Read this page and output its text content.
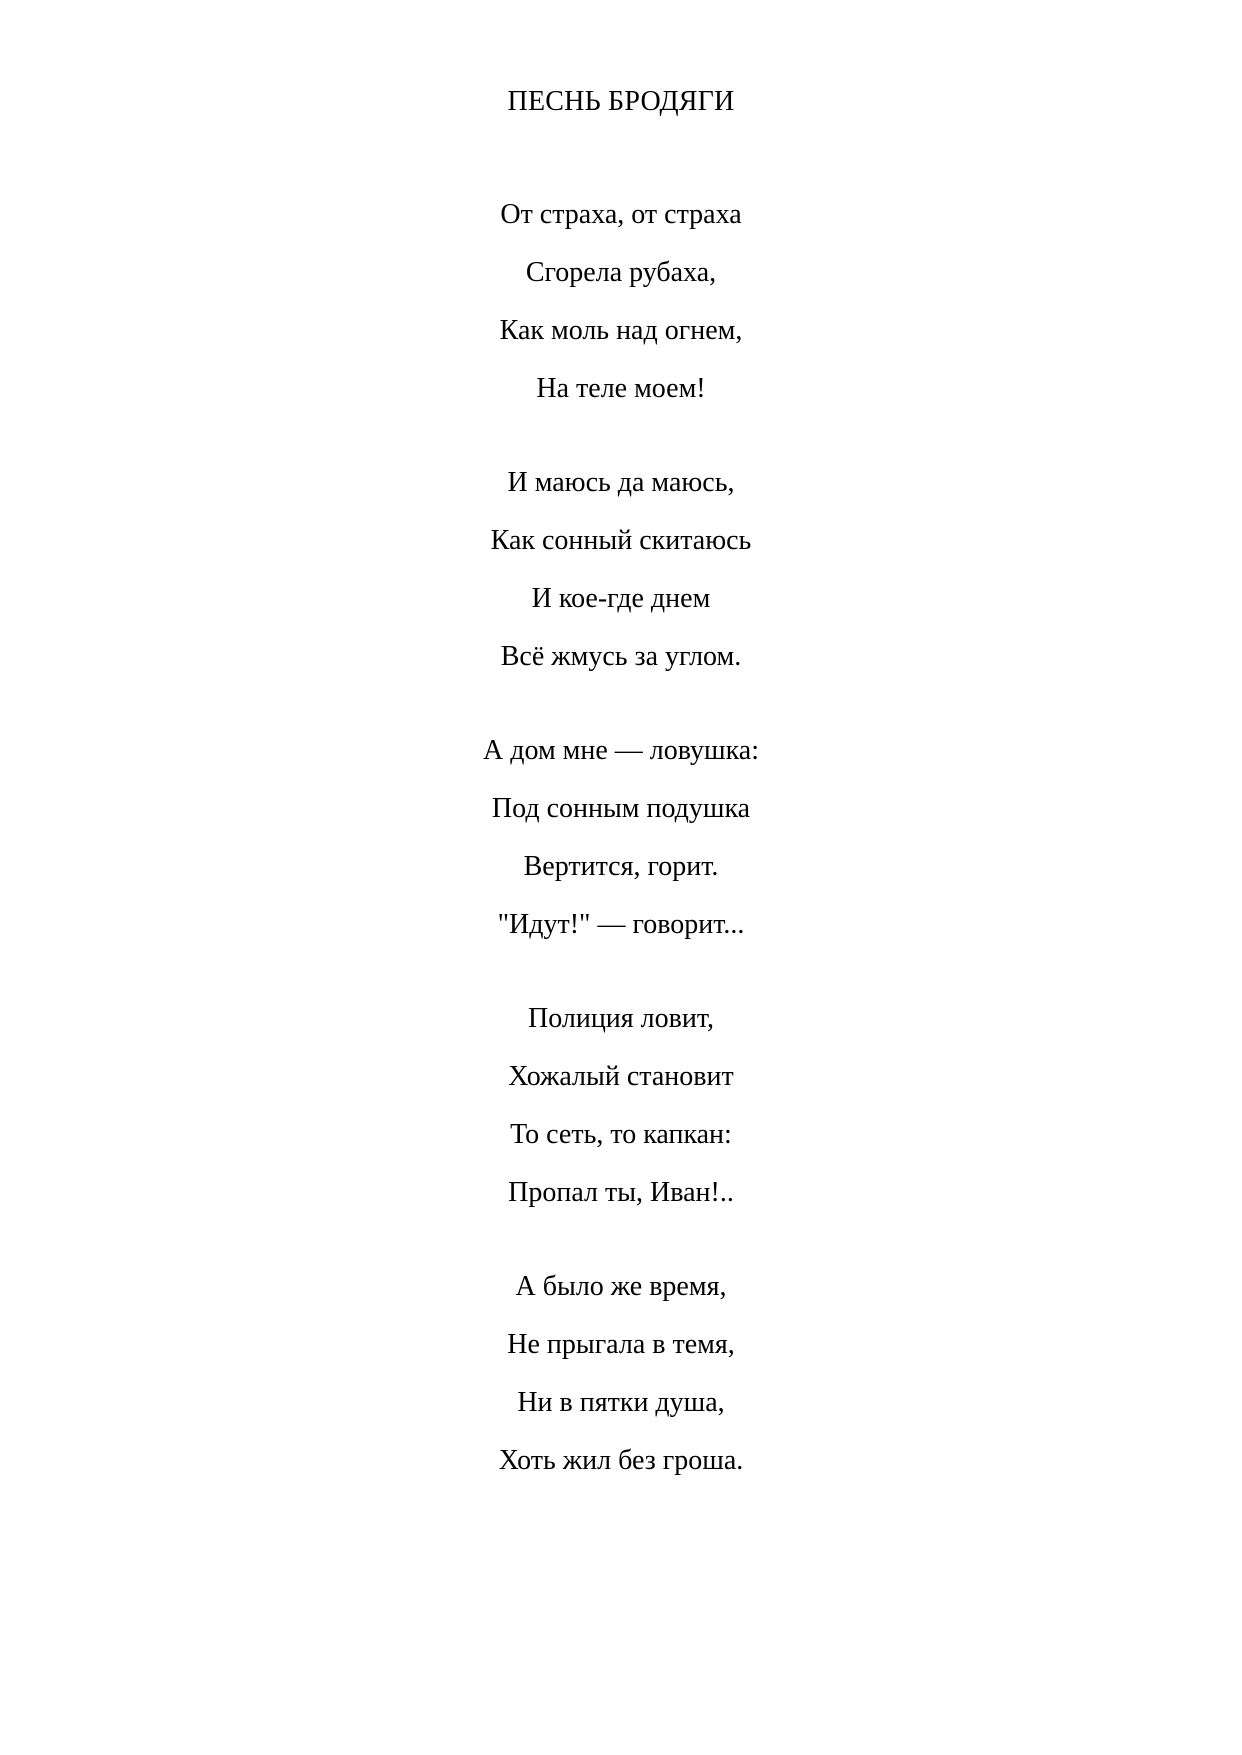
ПЕСНЬ БРОДЯГИ
От страха, от страха
Сгорела рубаха,
Как моль над огнем,
На теле моем!
И маюсь да маюсь,
Как сонный скитаюсь
И кое-где днем
Всё жмусь за углом.
А дом мне — ловушка:
Под сонным подушка
Вертится, горит.
"Идут!" — говорит...
Полиция ловит,
Хожалый становит
То сеть, то капкан:
Пропал ты, Иван!..
А было же время,
Не прыгала в темя,
Ни в пятки душа,
Хоть жил без гроша.
